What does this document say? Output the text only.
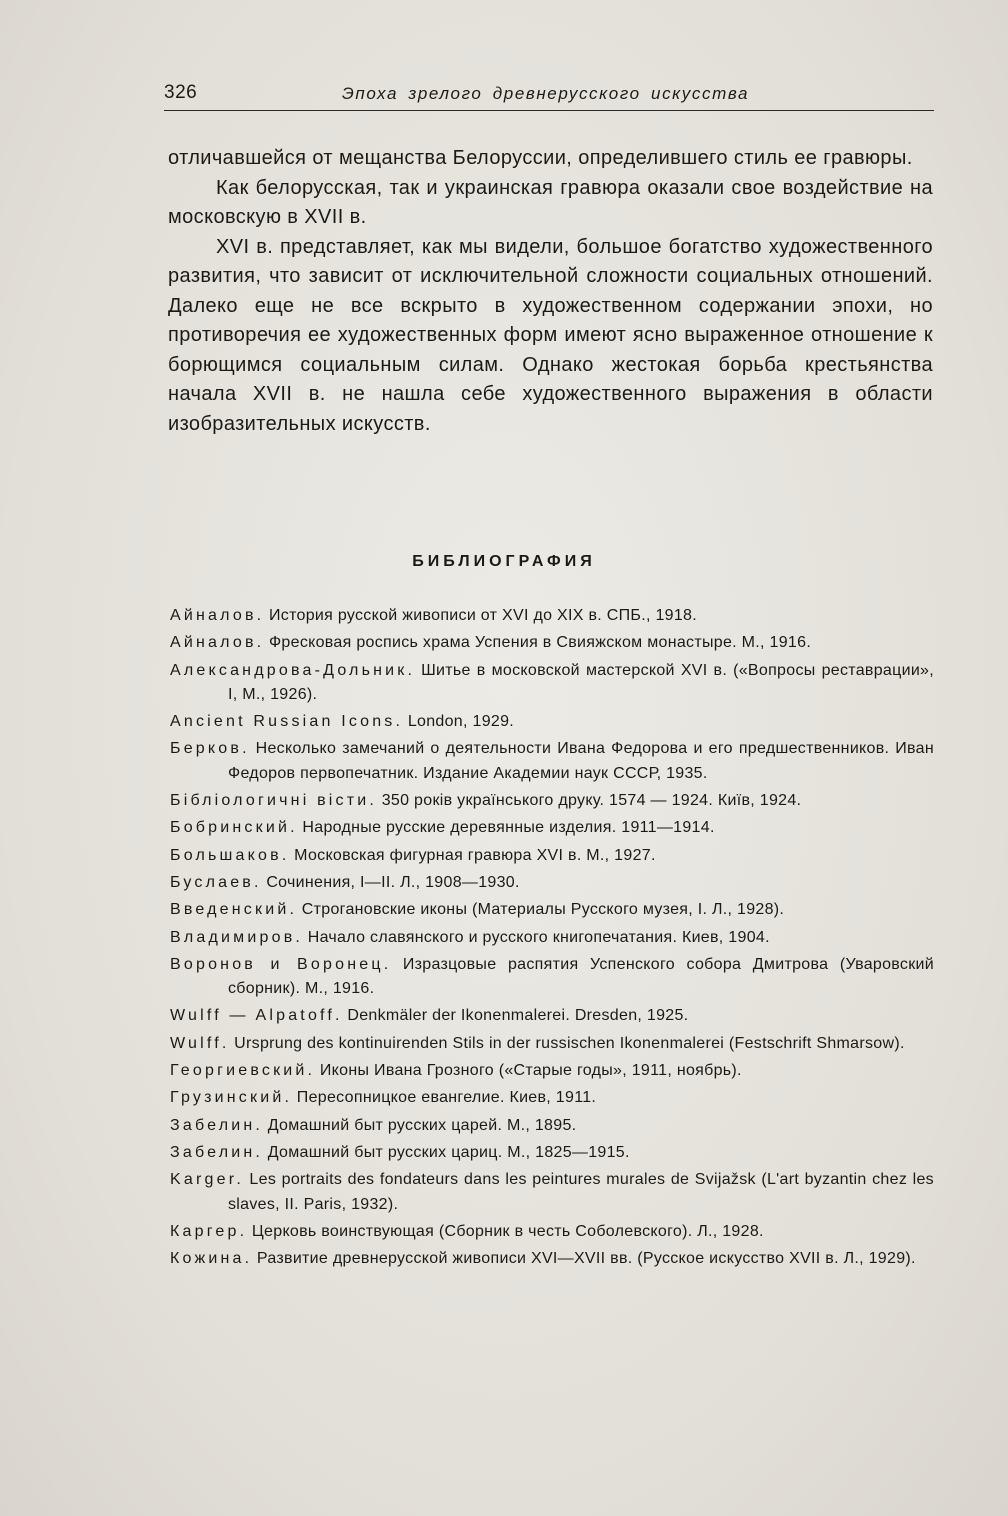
326	Эпоха зрелого древнерусского искусства

отличавшейся от мещанства Белоруссии, определившего стиль ее гравюры.

Как белорусская, так и украинская гравюра оказали свое воздействие на московскую в XVII в.

XVI в. представляет, как мы видели, большое богатство художественного развития, что зависит от исключительной сложности социальных отношений. Далеко еще не все вскрыто в художественном содержании эпохи, но противоречия ее художественных форм имеют ясно выраженное отношение к борющимся социальным силам. Однако жестокая борьба крестьянства начала XVII в. не нашла себе художественного выражения в области изобразительных искусств.

БИБЛИОГРАФИЯ
Айналов. История русской живописи от XVI до XIX в. СПБ., 1918.
Айналов. Фресковая роспись храма Успения в Свияжском монастыре. М., 1916.
Александрова-Дольник. Шитье в московской мастерской XVI в. («Вопросы реставрации», I, М., 1926).
Ancient Russian Icons. London, 1929.
Берков. Несколько замечаний о деятельности Ивана Федорова и его предшественников. Иван Федоров первопечатник. Издание Академии наук СССР, 1935.
Бібліологичні вісти. 350 років українського друку. 1574 — 1924. Київ, 1924.
Бобринский. Народные русские деревянные изделия. 1911—1914.
Большаков. Московская фигурная гравюра XVI в. М., 1927.
Буслаев. Сочинения, I—II. Л., 1908—1930.
Введенский. Строгановские иконы (Материалы Русского музея, I. Л., 1928).
Владимиров. Начало славянского и русского книгопечатания. Киев, 1904.
Воронов и Воронец. Изразцовые распятия Успенского собора Дмитрова (Уваровский сборник). М., 1916.
Wulff — Alpatoff. Denkmäler der Ikonenmalerei. Dresden, 1925.
Wulff. Ursprung des kontinuirenden Stils in der russischen Ikonenmalerei (Festschrift Shmarsow).
Георгиевский. Иконы Ивана Грозного («Старые годы», 1911, ноябрь).
Грузинский. Пересопницкое евангелие. Киев, 1911.
Забелин. Домашний быт русских царей. М., 1895.
Забелин. Домашний быт русских цариц. М., 1825—1915.
Karger. Les portraits des fondateurs dans les peintures murales de Svijažsk (L'art byzantin chez les slaves, II. Paris, 1932).
Каргер. Церковь воинствующая (Сборник в честь Соболевского). Л., 1928.
Кожина. Развитие древнерусской живописи XVI—XVII вв. (Русское искусство XVII в. Л., 1929).
